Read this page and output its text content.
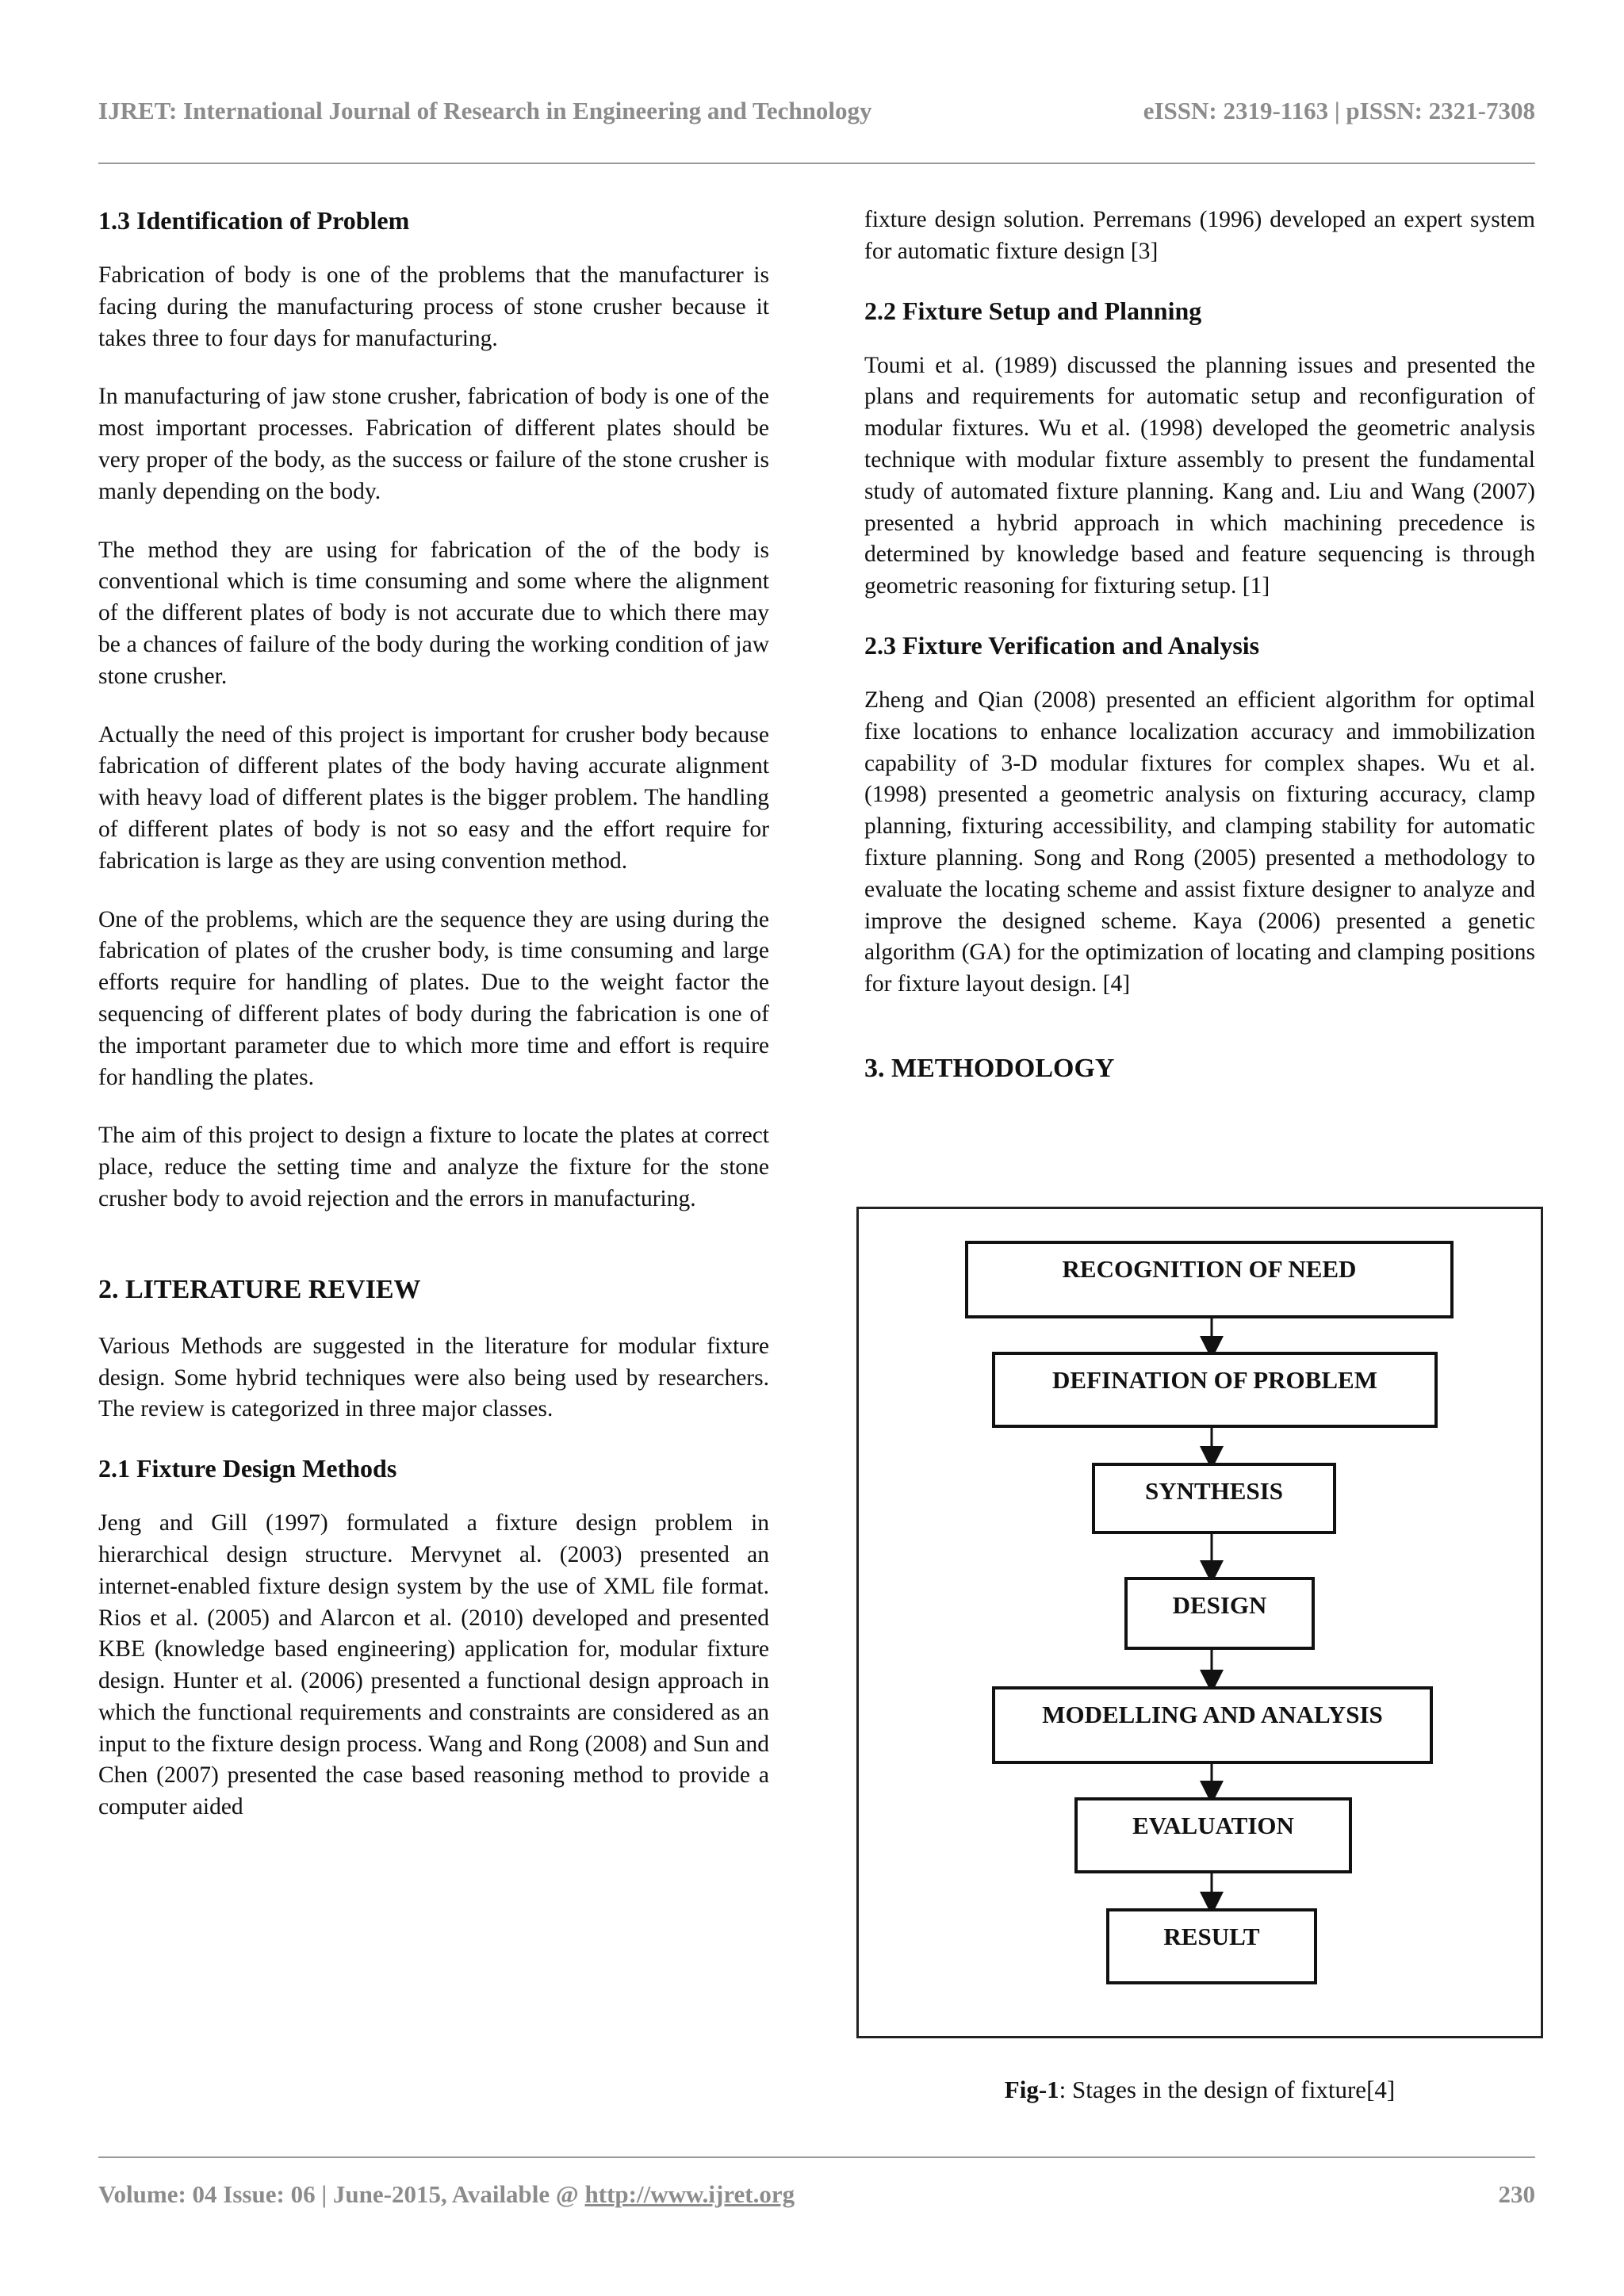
IJRET: International Journal of Research in Engineering and Technology	eISSN: 2319-1163 | pISSN: 2321-7308
1.3 Identification of Problem

Fabrication of body is one of the problems that the manufacturer is facing during the manufacturing process of stone crusher because it takes three to four days for manufacturing.

In manufacturing of jaw stone crusher, fabrication of body is one of the most important processes. Fabrication of different plates should be very proper of the body, as the success or failure of the stone crusher is manly depending on the body.

The method they are using for fabrication of the of the body is conventional which is time consuming and some where the alignment of the different plates of body is not accurate due to which there may be a chances of failure of the body during the working condition of jaw stone crusher.

Actually the need of this project is important for crusher body because fabrication of different plates of the body having accurate alignment with heavy load of different plates is the bigger problem. The handling of different plates of body is not so easy and the effort require for fabrication is large as they are using convention method.

One of the problems, which are the sequence they are using during the fabrication of plates of the crusher body, is time consuming and large efforts require for handling of plates. Due to the weight factor the sequencing of different plates of body during the fabrication is one of the important parameter due to which more time and effort is require for handling the plates.

The aim of this project to design a fixture to locate the plates at correct place, reduce the setting time and analyze the fixture for the stone crusher body to avoid rejection and the errors in manufacturing.

2. LITERATURE REVIEW

Various Methods are suggested in the literature for modular fixture design. Some hybrid techniques were also being used by researchers. The review is categorized in three major classes.

2.1 Fixture Design Methods

Jeng and Gill (1997) formulated a fixture design problem in hierarchical design structure. Mervynet al. (2003) presented an internet-enabled fixture design system by the use of XML file format. Rios et al. (2005) and Alarcon et al. (2010) developed and presented KBE (knowledge based engineering) application for, modular fixture design. Hunter et al. (2006) presented a functional design approach in which the functional requirements and constraints are considered as an input to the fixture design process. Wang and Rong (2008) and Sun and Chen (2007) presented the case based reasoning method to provide a computer aided

fixture design solution. Perremans (1996) developed an expert system for automatic fixture design [3]

2.2 Fixture Setup and Planning

Toumi et al. (1989) discussed the planning issues and presented the plans and requirements for automatic setup and reconfiguration of modular fixtures. Wu et al. (1998) developed the geometric analysis technique with modular fixture assembly to present the fundamental study of automated fixture planning. Kang and. Liu and Wang (2007) presented a hybrid approach in which machining precedence is determined by knowledge based and feature sequencing is through geometric reasoning for fixturing setup. [1]

2.3 Fixture Verification and Analysis

Zheng and Qian (2008) presented an efficient algorithm for optimal fixe locations to enhance localization accuracy and immobilization capability of 3-D modular fixtures for complex shapes. Wu et al. (1998) presented a geometric analysis on fixturing accuracy, clamp planning, fixturing accessibility, and clamping stability for automatic fixture planning. Song and Rong (2005) presented a methodology to evaluate the locating scheme and assist fixture designer to analyze and improve the designed scheme. Kaya (2006) presented a genetic algorithm (GA) for the optimization of locating and clamping positions for fixture layout design. [4]

3. METHODOLOGY
RECOGNITION OF NEED
DEFINATION OF PROBLEM
SYNTHESIS
DESIGN
MODELLING AND ANALYSIS
EVALUATION
RESULT
Fig-1: Stages in the design of fixture[4]
Volume: 04 Issue: 06 | June-2015, Available @ http://www.ijret.org	230
